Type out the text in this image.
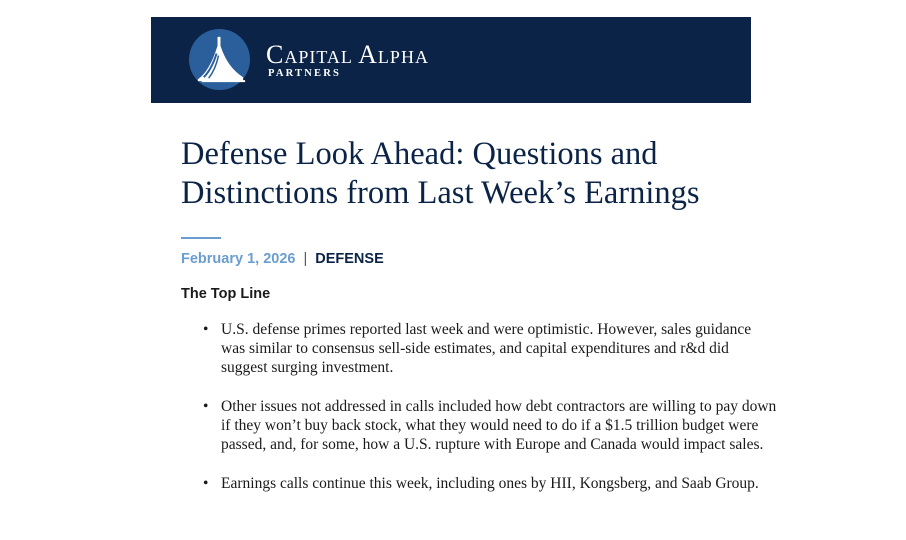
Capital Alpha
PARTNERS
Defense Look Ahead: Questions and
Distinctions from Last Week’s Earnings
February 1, 2026 | DEFENSE
The Top Line
• U.S. defense primes reported last week and were optimistic. However, sales guidance was similar to consensus sell-side estimates, and capital expenditures and r&d did suggest surging investment.
• Other issues not addressed in calls included how debt contractors are willing to pay down if they won’t buy back stock, what they would need to do if a $1.5 trillion budget were passed, and, for some, how a U.S. rupture with Europe and Canada would impact sales.
• Earnings calls continue this week, including ones by HII, Kongsberg, and Saab Group.
